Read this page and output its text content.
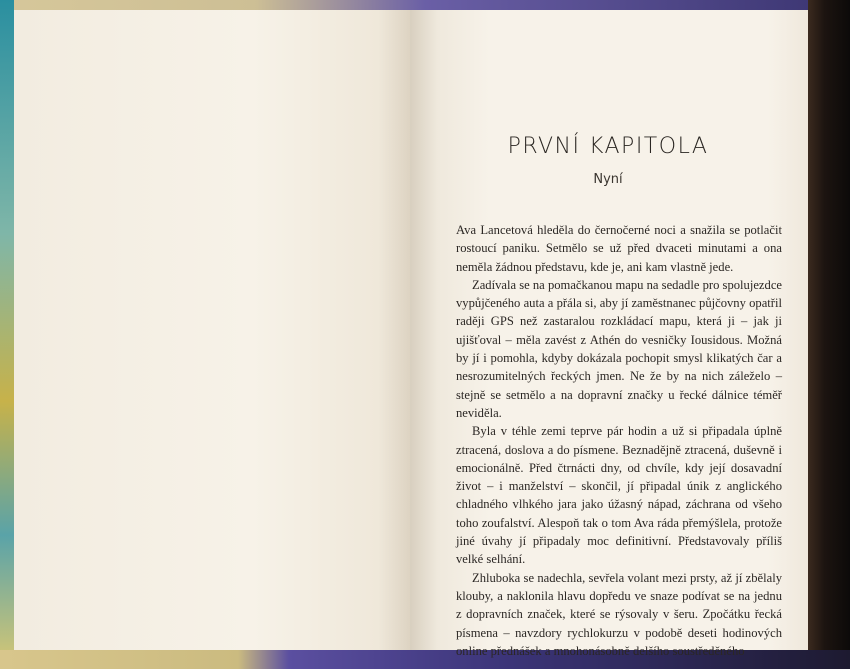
PRVNÍ KAPITOLA
Nyní

Ava Lancetová hleděla do černočerné noci a snažila se potlačit rostoucí paniku. Setmělo se už před dvaceti minutami a ona neměla žádnou představu, kde je, ani kam vlastně jede.

Zadívala se na pomačkanou mapu na sedadle pro spolujezdce vypůjčeného auta a přála si, aby jí zaměstnanec půjčovny opatřil raději GPS než zastaralou rozkládací mapu, která ji – jak ji ujišťoval – měla zavést z Athén do vesničky Iousidous. Možná by jí i pomohla, kdyby dokázala pochopit smysl klikatých čar a nesrozumitelných řeckých jmen. Ne že by na nich záleželo – stejně se setmělo a na dopravní značky u řecké dálnice téměř neviděla.

Byla v téhle zemi teprve pár hodin a už si připadala úplně ztracená, doslova a do písmene. Beznadějně ztracená, duševně i emocionálně. Před čtrnácti dny, od chvíle, kdy její dosavadní život – i manželství – skončil, jí připadal únik z anglického chladného vlhkého jara jako úžasný nápad, záchrana od všeho toho zoufalství. Alespoň tak o tom Ava ráda přemýšlela, protože jiné úvahy jí připadaly moc definitivní. Představovaly příliš velké selhání.

Zhluboka se nadechla, sevřela volant mezi prsty, až jí zbělaly klouby, a naklonila hlavu dopředu ve snaze podívat se na jednu z dopravních značek, které se rýsovaly v šeru. Zpočátku řecká písmena – navzdory rychlokurzu v podobě deseti hodinových online přednášek a mnohonásobně delšího soustředěného
